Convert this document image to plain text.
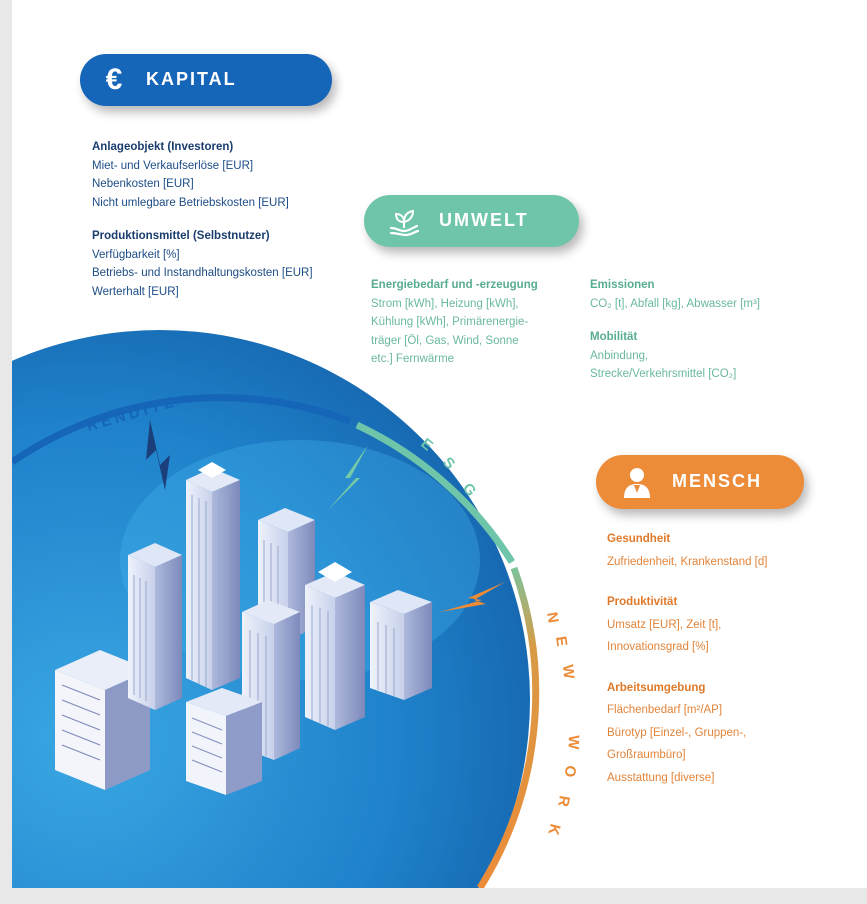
RENDITE
E
S
G
N
E
W
W
O
R
K
€	KAPITAL
Anlageobjekt (Investoren)
Miet- und Verkaufserlöse [EUR]
Nebenkosten [EUR]
Nicht umlegbare Betriebskosten [EUR]
Produktionsmittel (Selbstnutzer)
Verfügbarkeit [%]
Betriebs- und Instandhaltungskosten [EUR]
Werterhalt [EUR]
UMWELT
Energiebedarf und -erzeugung
Strom [kWh], Heizung [kWh],
Kühlung [kWh], Primärenergie-
träger [Öl, Gas, Wind, Sonne
etc.] Fernwärme
Emissionen
CO₂ [t], Abfall [kg], Abwasser [m³]
Mobilität
Anbindung,
Strecke/Verkehrsmittel [CO₂]
MENSCH
Gesundheit
Zufriedenheit, Krankenstand [d]
Produktivität
Umsatz [EUR], Zeit [t],
Innovationsgrad [%]
Arbeitsumgebung
Flächenbedarf [m²/AP]
Bürotyp [Einzel-, Gruppen-,
Großraumbüro]
Ausstattung [diverse]
